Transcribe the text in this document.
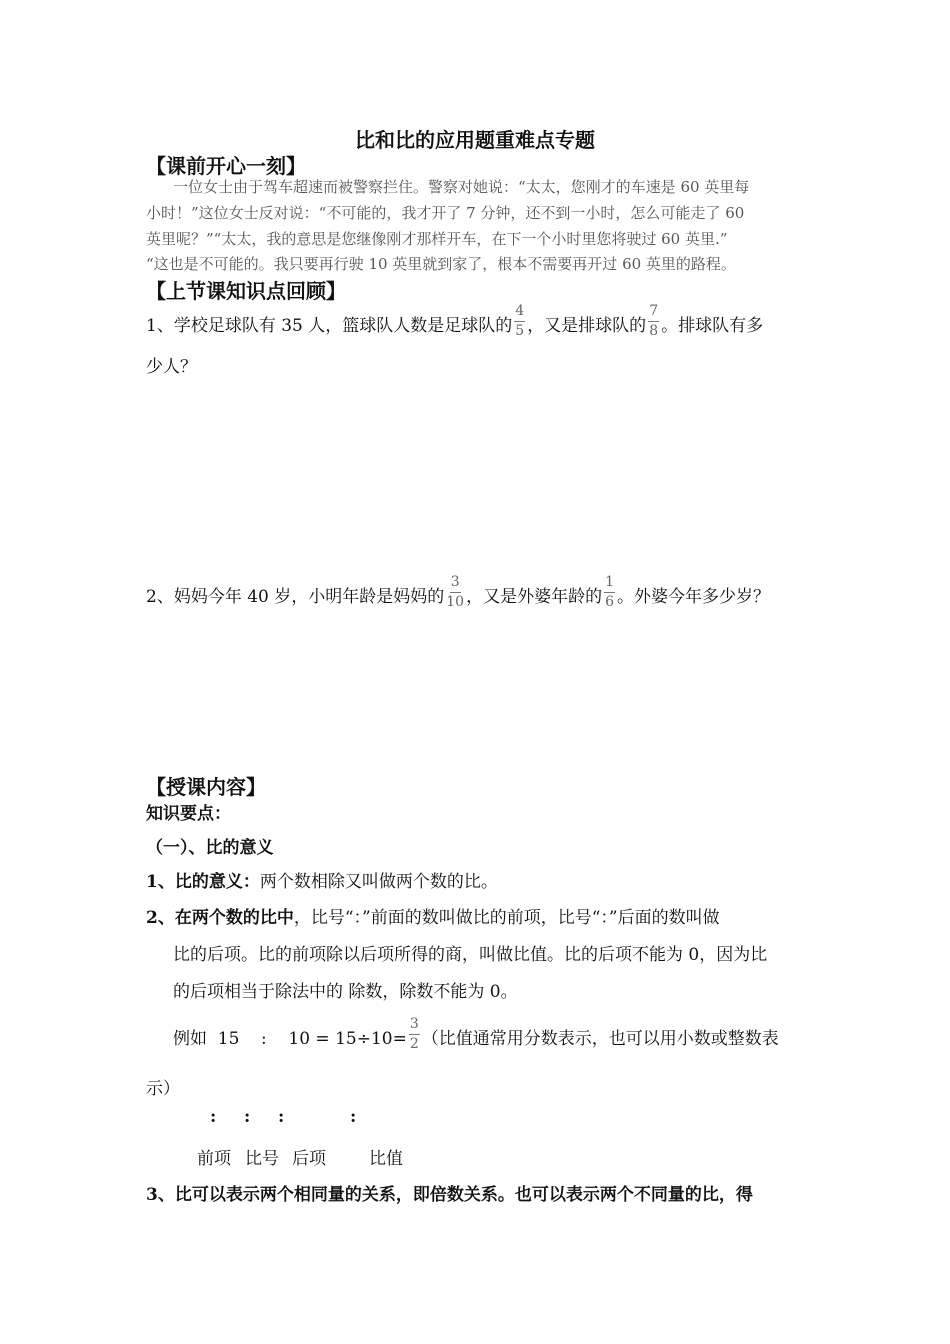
比和比的应用题重难点专题
【课前开心一刻】
一位女士由于驾车超速而被警察拦住。警察对她说：“太太，您刚才的车速是 60 英里每
小时！”这位女士反对说：“不可能的，我才开了 7 分钟，还不到一小时，怎么可能走了 60
英里呢？”“太太，我的意思是您继像刚才那样开车，在下一个小时里您将驶过 60 英里.”
“这也是不可能的。我只要再行驶 10 英里就到家了，根本不需要再开过 60 英里的路程。
【上节课知识点回顾】
1、学校足球队有 35 人，篮球队人数是足球队的 $\frac{4}{5}$ ，又是排球队的 $\frac{7}{8}$ 。排球队有多
少人？
2、妈妈今年 40 岁，小明年龄是妈妈的 $\frac{3}{10}$ ，又是外婆年龄的 $\frac{1}{6}$ 。外婆今年多少岁？
【授课内容】
知识要点：
（一）、比的意义
1、比的意义：两个数相除又叫做两个数的比。
2、在两个数的比中，比号“：”前面的数叫做比的前项，比号“：”后面的数叫做
比的后项。比的前项除以后项所得的商，叫做比值。比的后项不能为 0，因为比
的后项相当于除法中的 除数，除数不能为 0。
例如  15    :    $10 = 15\div 10= \frac{3}{2}$ （比值通常用分数表示，也可以用小数或整数表
示）
: : :	:
前项 比号 后项	比值
3、比可以表示两个相同量的关系，即倍数关系。也可以表示两个不同量的比，得
